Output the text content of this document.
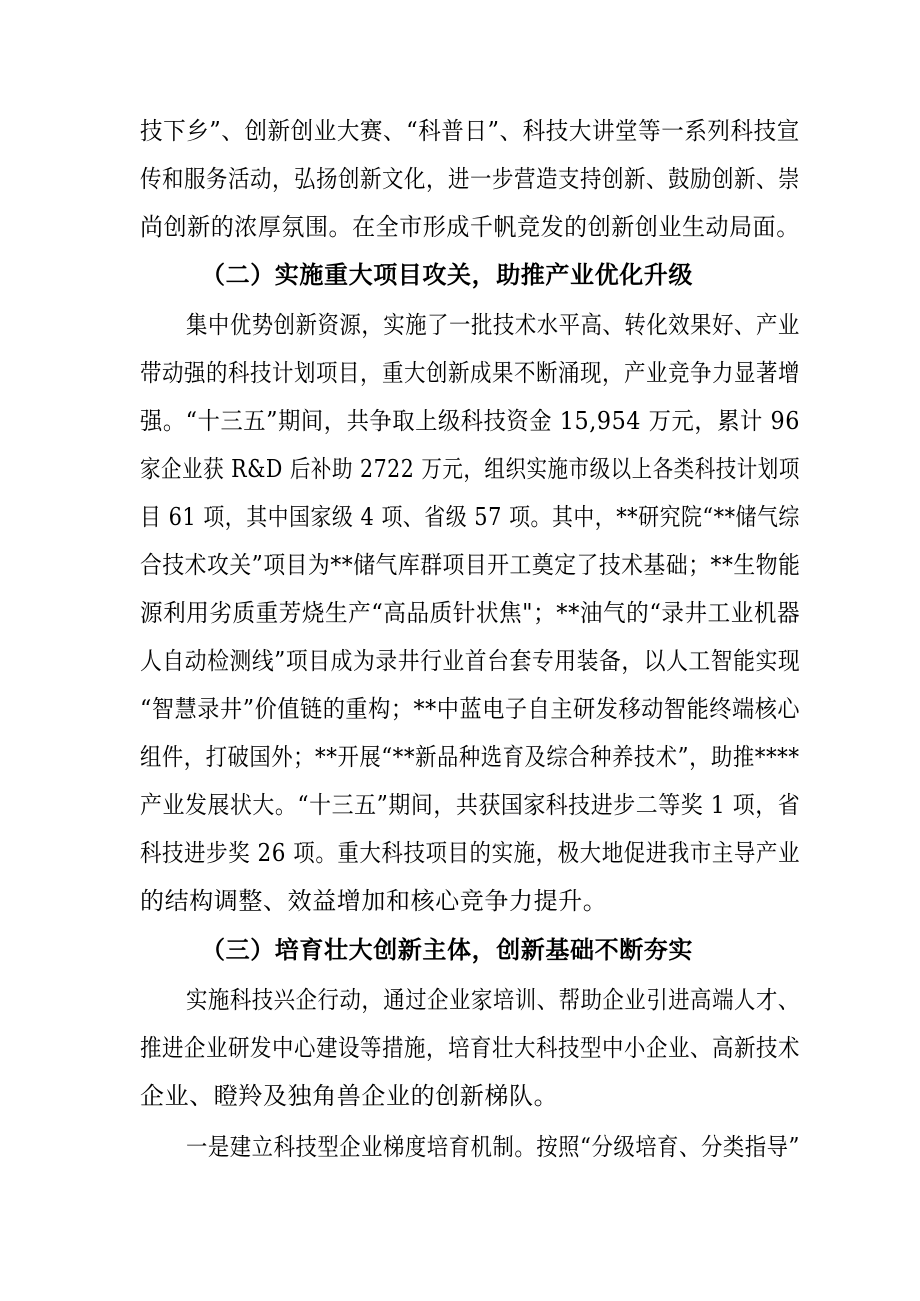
技下乡”、创新创业大赛、“科普日”、科技大讲堂等一系列科技宣
传和服务活动，弘扬创新文化，进一步营造支持创新、鼓励创新、崇
尚创新的浓厚氛围。在全市形成千帆竞发的创新创业生动局面。
（二）实施重大项目攻关，助推产业优化升级
集中优势创新资源，实施了一批技术水平高、转化效果好、产业
带动强的科技计划项目，重大创新成果不断涌现，产业竞争力显著增
强。“十三五”期间，共争取上级科技资金 15,954 万元，累计 96
家企业获 R&D 后补助 2722 万元，组织实施市级以上各类科技计划项
目 61 项，其中国家级 4 项、省级 57 项。其中，**研究院“**储气综
合技术攻关”项目为**储气库群项目开工奠定了技术基础；**生物能
源利用劣质重芳烧生产“高品质针状焦"；**油气的“录井工业机器
人自动检测线”项目成为录井行业首台套专用装备，以人工智能实现
“智慧录井”价值链的重构；**中蓝电子自主研发移动智能终端核心
组件，打破国外；**开展“**新品种选育及综合种养技术”，助推****
产业发展状大。“十三五”期间，共获国家科技进步二等奖 1 项，省
科技进步奖 26 项。重大科技项目的实施，极大地促进我市主导产业
的结构调整、效益增加和核心竞争力提升。
（三）培育壮大创新主体，创新基础不断夯实
实施科技兴企行动，通过企业家培训、帮助企业引进高端人才、
推进企业研发中心建设等措施，培育壮大科技型中小企业、高新技术
企业、瞪羚及独角兽企业的创新梯队。
一是建立科技型企业梯度培育机制。按照“分级培育、分类指导”
